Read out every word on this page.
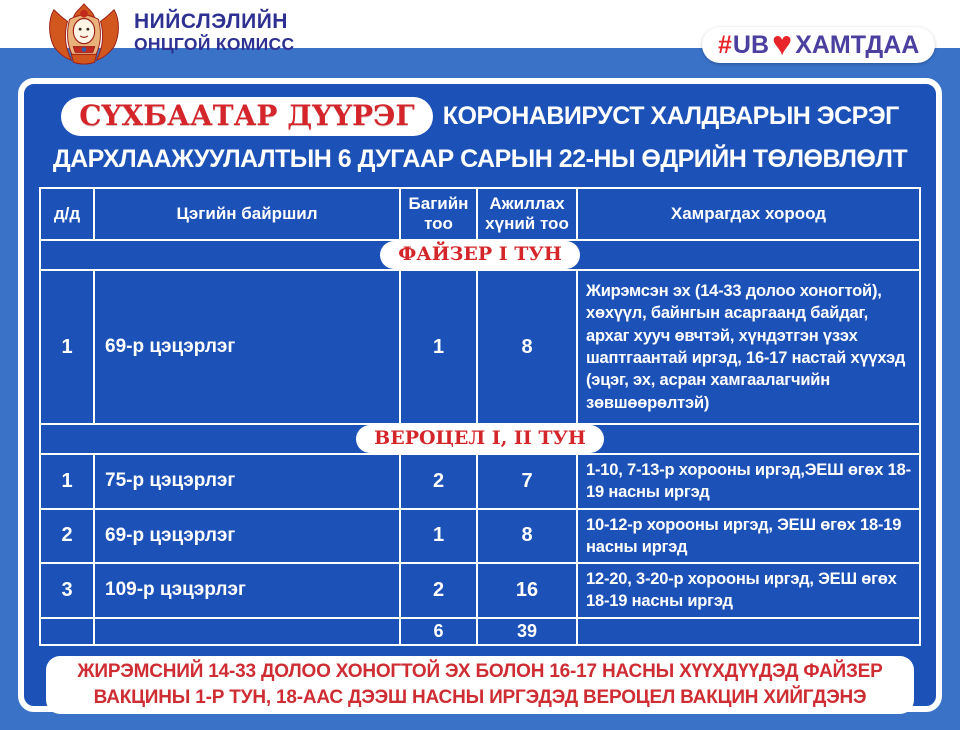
НИЙСЛЭЛИЙН
ОНЦГОЙ КОМИСС	# UB ♥ ХАМТДАА
СҮХБААТАР ДҮҮРЭГ	КОРОНАВИРУСТ ХАЛДВАРЫН ЭСРЭГ
ДАРХЛААЖУУЛАЛТЫН 6 ДУГААР САРЫН 22-НЫ ӨДРИЙН ТӨЛӨВЛӨЛТ
д/д	Цэгийн байршил	Багийн тоо	Ажиллах хүний тоо	Хамрагдах хороод
ФАЙЗЕР I ТУН				
1	69-р цэцэрлэг	1	8	Жирэмсэн эх (14-33 долоо хоногтой), хөхүүл, байнгын асаргаанд байдаг, архаг хууч өвчтэй, хүндэтгэн үзэх шаптгаантай иргэд, 16-17 настай хүүхэд (эцэг, эх, асран хамгаалагчийн зөвшөөрөлтэй)
ВЕРОЦЕЛ I, II ТУН				
1	75-р цэцэрлэг	2	7	1-10, 7-13-р хорооны иргэд,ЭЕШ өгөх 18-19 насны иргэд
2	69-р цэцэрлэг	1	8	10-12-р хорооны иргэд, ЭЕШ өгөх 18-19 насны иргэд
3	109-р цэцэрлэг	2	16	12-20, 3-20-р хорооны иргэд, ЭЕШ өгөх 18-19 насны иргэд
		6	39	
ЖИРЭМСНИЙ 14-33 ДОЛОО ХОНОГТОЙ ЭХ БОЛОН 16-17 НАСНЫ ХҮҮХДҮҮДЭД ФАЙЗЕР
ВАКЦИНЫ 1-Р ТУН, 18-ААС ДЭЭШ НАСНЫ ИРГЭДЭД ВЕРОЦЕЛ ВАКЦИН ХИЙГДЭНЭ
